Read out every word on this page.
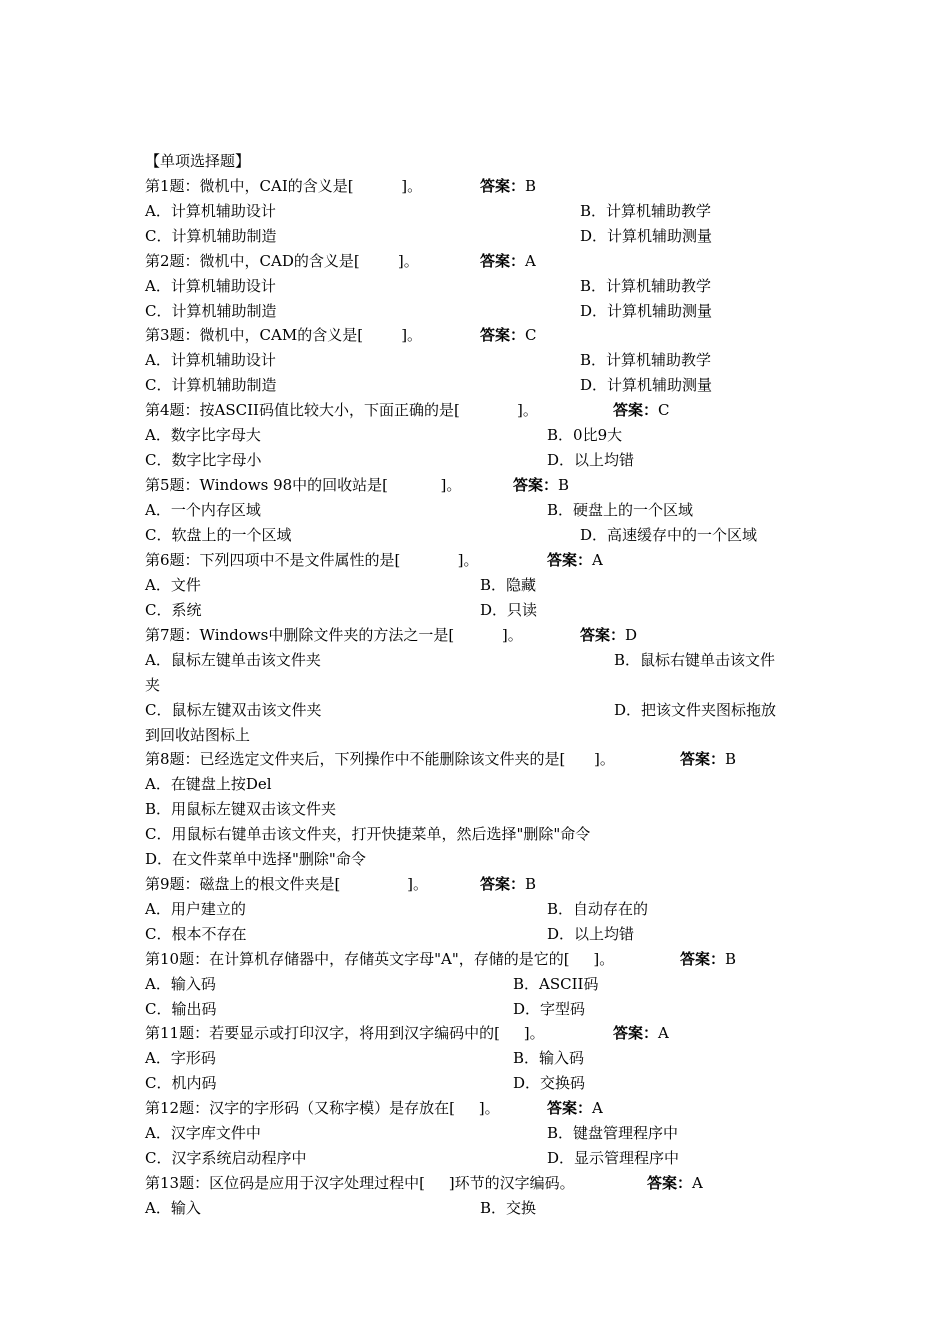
【单项选择题】
第1题：微机中，CAI的含义是[          ]。	答案：B
A．计算机辅助设计	B．计算机辅助教学
C．计算机辅助制造	D．计算机辅助测量
第2题：微机中，CAD的含义是[        ]。	答案：A
A．计算机辅助设计	B．计算机辅助教学
C．计算机辅助制造	D．计算机辅助测量
第3题：微机中，CAM的含义是[        ]。	答案：C
A．计算机辅助设计	B．计算机辅助教学
C．计算机辅助制造	D．计算机辅助测量
第4题：按ASCII码值比较大小，下面正确的是[            ]。	答案：C
A．数字比字母大	B．0比9大
C．数字比字母小	D．以上均错
第5题：Windows 98中的回收站是[           ]。	答案：B
A．一个内存区域	B．硬盘上的一个区域
C．软盘上的一个区域	D．高速缓存中的一个区域
第6题：下列四项中不是文件属性的是[            ]。	答案：A
A．文件	B．隐藏
C．系统	D．只读
第7题：Windows中删除文件夹的方法之一是[          ]。	答案：D
A．鼠标左键单击该文件夹	B．鼠标右键单击该文件
夹
C．鼠标左键双击该文件夹	D．把该文件夹图标拖放
到回收站图标上
第8题：已经选定文件夹后，下列操作中不能删除该文件夹的是[      ]。	答案：B
A．在键盘上按Del
B．用鼠标左键双击该文件夹
C．用鼠标右键单击该文件夹，打开快捷菜单，然后选择"删除"命令
D．在文件菜单中选择"删除"命令
第9题：磁盘上的根文件夹是[              ]。	答案：B
A．用户建立的	B．自动存在的
C．根本不存在	D．以上均错
第10题：在计算机存储器中，存储英文字母"A"，存储的是它的[     ]。	答案：B
A．输入码	B．ASCII码
C．输出码	D．字型码
第11题：若要显示或打印汉字，将用到汉字编码中的[     ]。	答案：A
A．字形码	B．输入码
C．机内码	D．交换码
第12题：汉字的字形码（又称字模）是存放在[     ]。	答案：A
A．汉字库文件中	B．键盘管理程序中
C．汉字系统启动程序中	D．显示管理程序中
第13题：区位码是应用于汉字处理过程中[     ]环节的汉字编码。	答案：A
A．输入	B．交换
